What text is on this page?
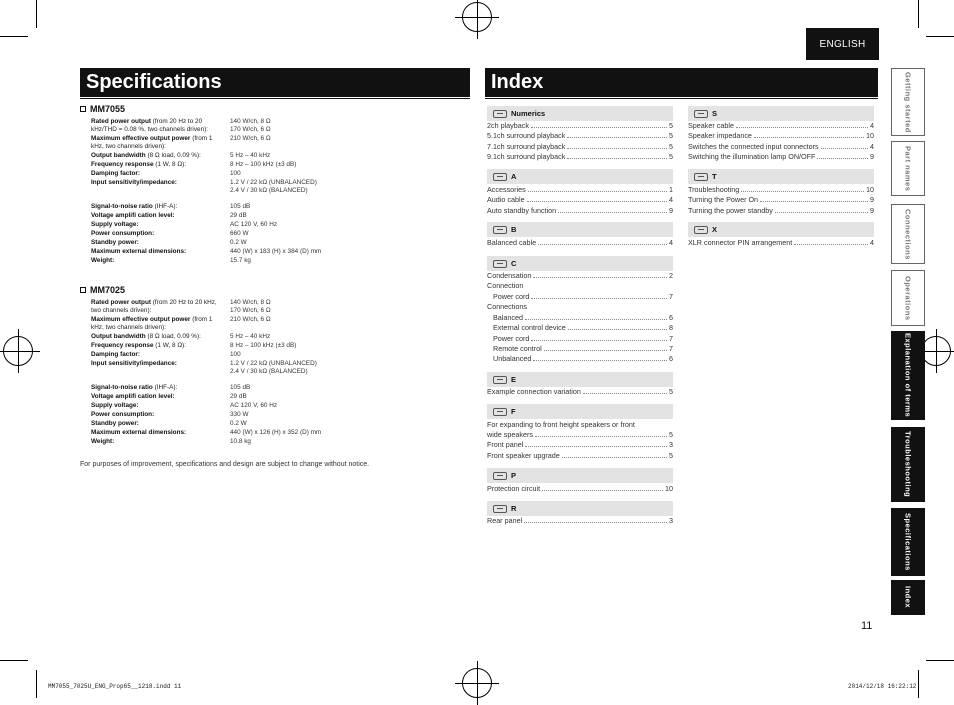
ENGLISH
Specifications
MM7055
Rated power output (from 20 Hz to 20 kHz/THD = 0.08 %, two channels driven):
140 W/ch, 8 Ω
170 W/ch, 6 Ω
Maximum effective output power (from 1 kHz, two channels driven):
210 W/ch, 6 Ω
Output bandwidth (8 Ω load, 0.09 %):	5 Hz – 40 kHz
Frequency response (1 W, 8 Ω):	8 Hz – 100 kHz (±3 dB)
Damping factor:	100
Input sensitivity/impedance:	1.2 V / 22 kΩ (UNBALANCED)
2.4 V / 30 kΩ (BALANCED)
Signal-to-noise ratio (IHF-A):	105 dB
Voltage amplifi cation level:	29 dB
Supply voltage:	AC 120 V, 60 Hz
Power consumption:	660 W
Standby power:	0.2 W
Maximum external dimensions:	440 (W) x 183 (H) x 384 (D) mm
Weight:	15.7 kg
MM7025
Rated power output (from 20 Hz to 20 kHz, two channels driven):
140 W/ch, 8 Ω
170 W/ch, 6 Ω
Maximum effective output power (from 1 kHz, two channels driven):
210 W/ch, 6 Ω
Output bandwidth (8 Ω load, 0.09 %):	5 Hz – 40 kHz
Frequency response (1 W, 8 Ω):	8 Hz – 100 kHz (±3 dB)
Damping factor:	100
Input sensitivity/impedance:	1.2 V / 22 kΩ (UNBALANCED)
2.4 V / 30 kΩ (BALANCED)
Signal-to-noise ratio (IHF-A):	105 dB
Voltage amplifi cation level:	29 dB
Supply voltage:	AC 120 V, 60 Hz
Power consumption:	330 W
Standby power:	0.2 W
Maximum external dimensions:	440 (W) x 126 (H) x 352 (D) mm
Weight:	10.8 kg
For purposes of improvement, specifications and design are subject to change without notice.
Index
Numerics
2ch playback	5
5.1ch surround playback	5
7.1ch surround playback	5
9.1ch surround playback	5
A
Accessories	1
Audio cable	4
Auto standby function	9
B
Balanced cable	4
C
Condensation	2
Connection
Power cord	7
Connections
Balanced	6
External control device	8
Power cord	7
Remote control	7
Unbalanced	6
E
Example connection variation	5
F
For expanding to front height speakers or front
wide speakers	5
Front panel	3
Front speaker upgrade	5
P
Protection circuit	10
R
Rear panel	3
S
Speaker cable	4
Speaker impedance	10
Switches the connected input connectors	4
Switching the illumination lamp ON/OFF	9
T
Troubleshooting	10
Turning the Power On	9
Turning the power standby	9
X
XLR connector PIN arrangement	4
Getting started
Part names
Connections
Operations
Explanation of terms
Troubleshooting
Specifications
Index
11
MM7055_7025U_ENG_Prop65__1218.indd 11	2014/12/18 16:22:12
